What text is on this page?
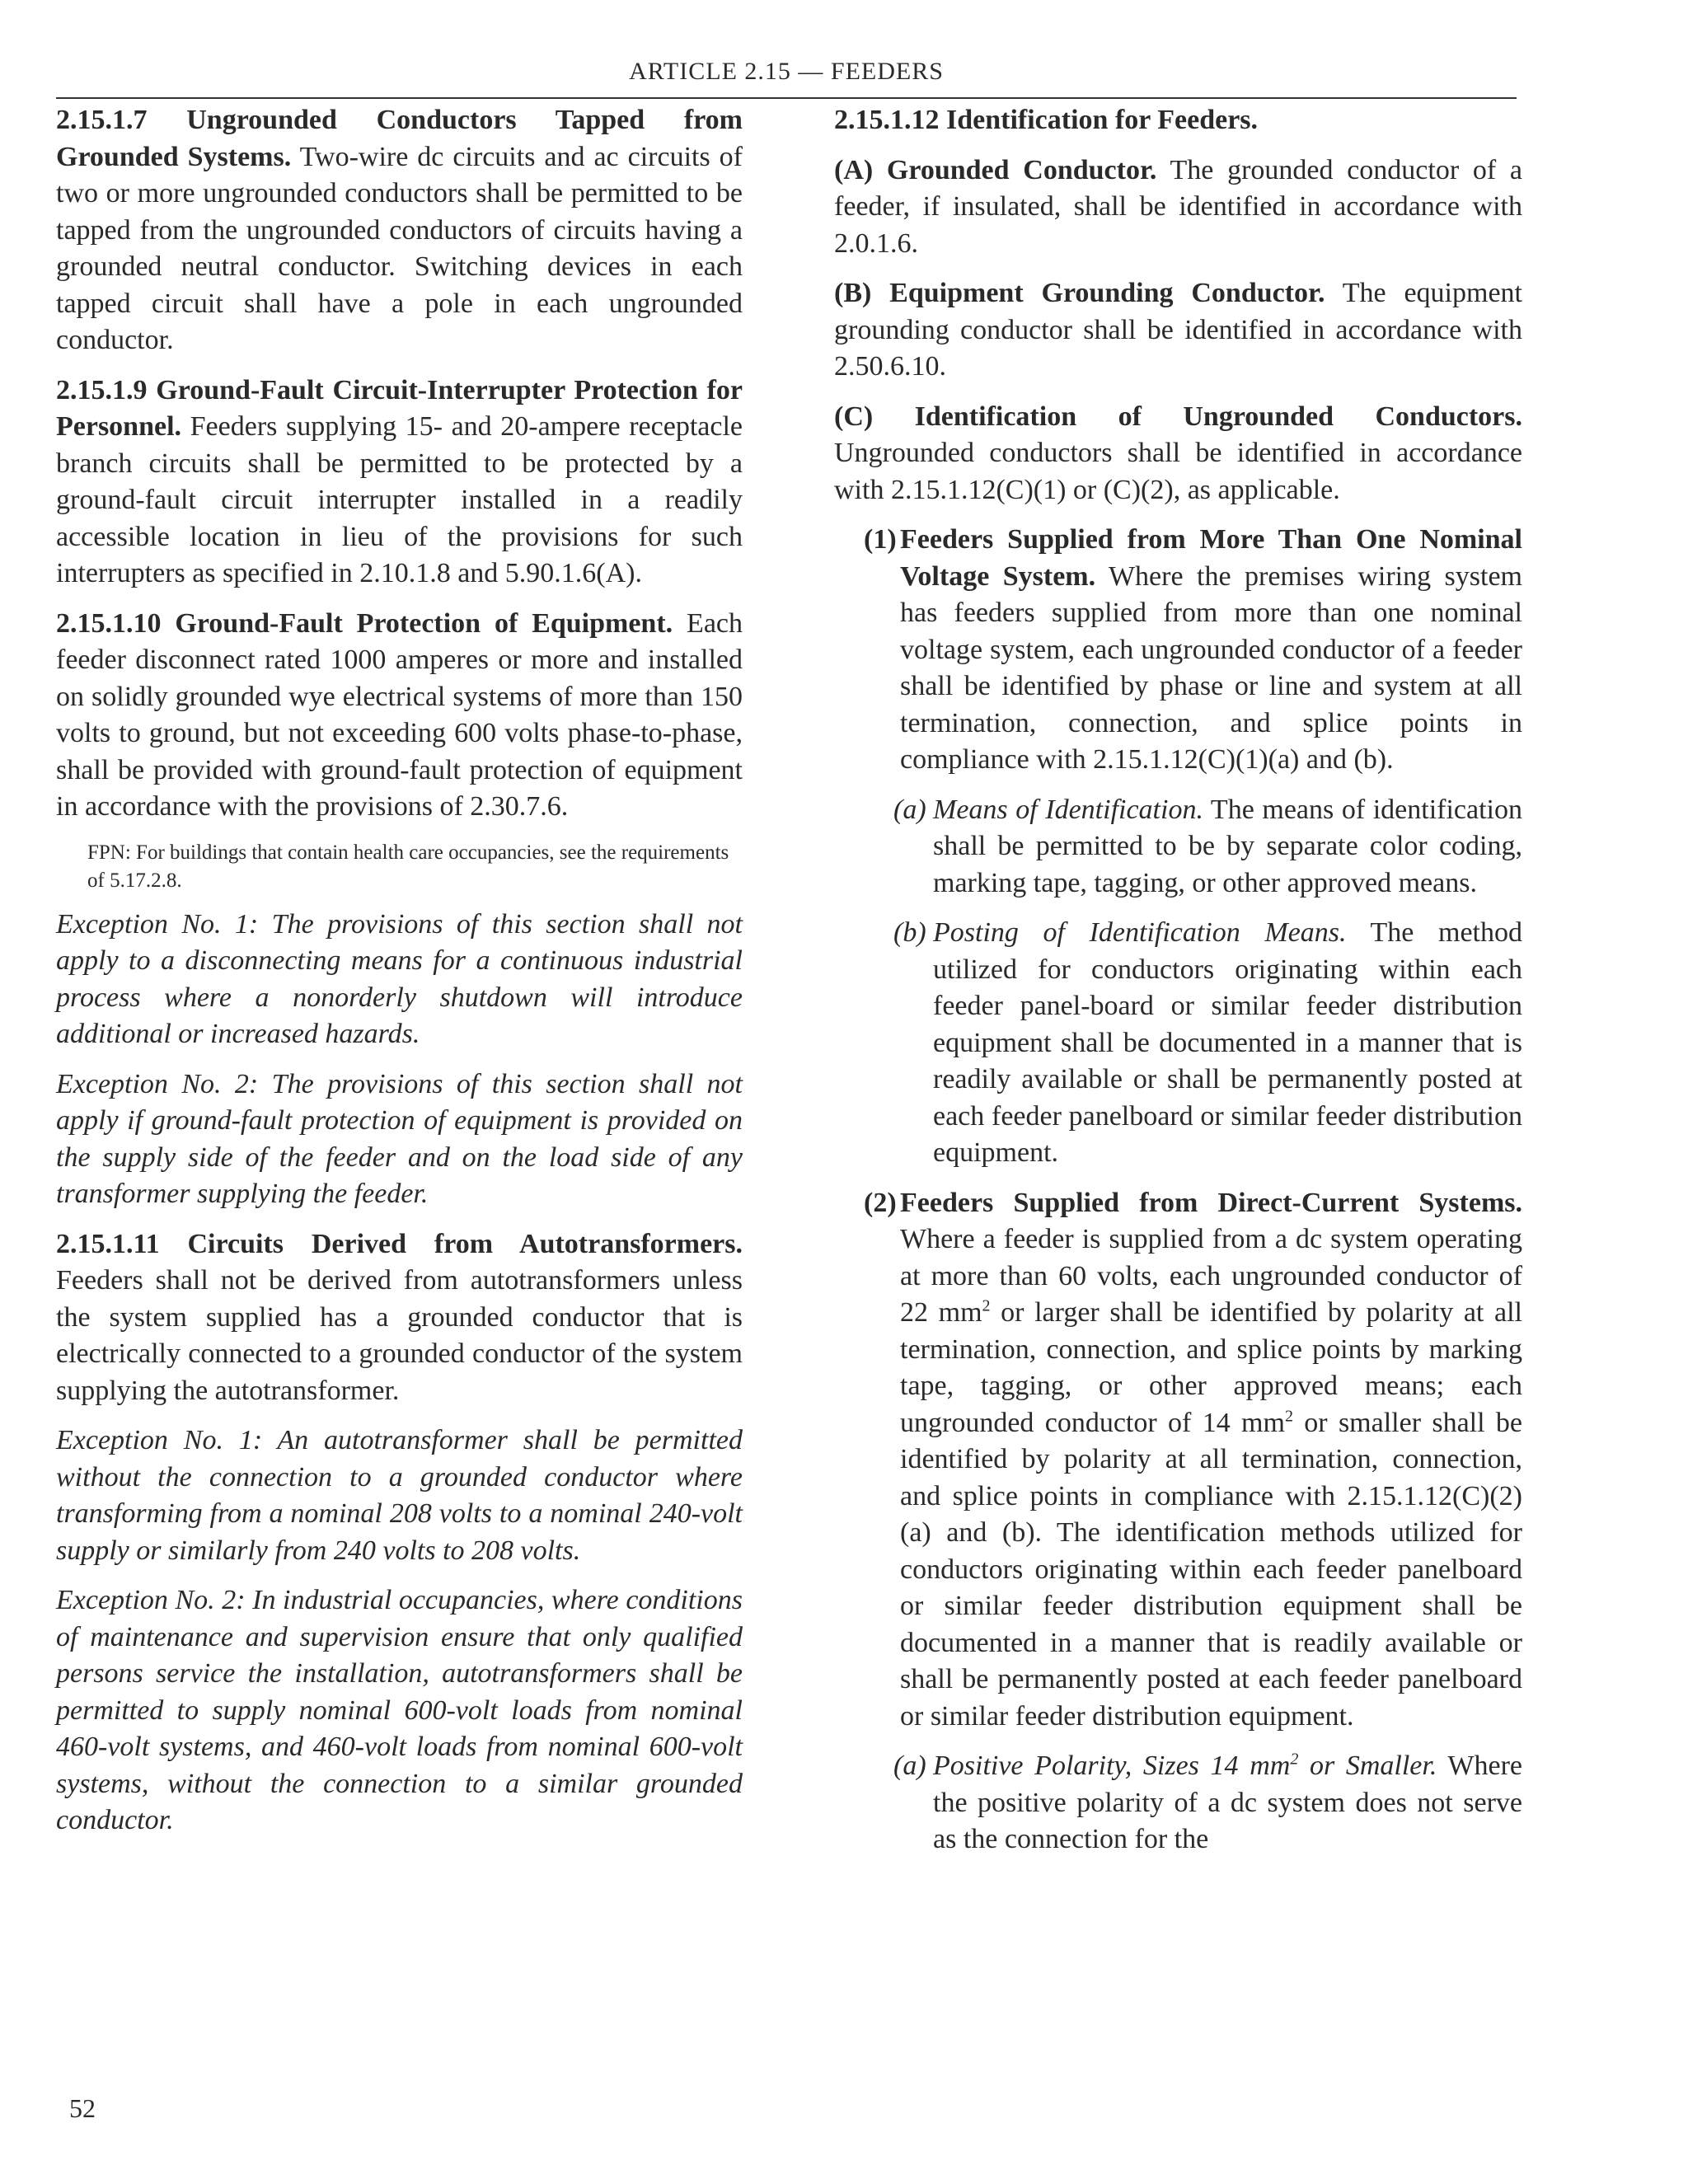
ARTICLE 2.15 — FEEDERS

2.15.1.7 Ungrounded Conductors Tapped from Grounded Systems. Two-wire dc circuits and ac circuits of two or more ungrounded conductors shall be permitted to be tapped from the ungrounded conductors of circuits having a grounded neutral conductor. Switching devices in each tapped circuit shall have a pole in each ungrounded conductor.

2.15.1.9 Ground-Fault Circuit-Interrupter Protection for Personnel. Feeders supplying 15- and 20-ampere receptacle branch circuits shall be permitted to be protected by a ground-fault circuit interrupter installed in a readily accessible location in lieu of the provisions for such interrupters as specified in 2.10.1.8 and 5.90.1.6(A).

2.15.1.10 Ground-Fault Protection of Equipment. Each feeder disconnect rated 1000 amperes or more and installed on solidly grounded wye electrical systems of more than 150 volts to ground, but not exceeding 600 volts phase-to-phase, shall be provided with ground-fault protection of equipment in accordance with the provisions of 2.30.7.6.

FPN: For buildings that contain health care occupancies, see the requirements of 5.17.2.8.

Exception No. 1: The provisions of this section shall not apply to a disconnecting means for a continuous industrial process where a nonorderly shutdown will introduce additional or increased hazards.

Exception No. 2: The provisions of this section shall not apply if ground-fault protection of equipment is provided on the supply side of the feeder and on the load side of any transformer supplying the feeder.

2.15.1.11 Circuits Derived from Autotransformers. Feeders shall not be derived from autotransformers unless the system supplied has a grounded conductor that is electrically connected to a grounded conductor of the system supplying the autotransformer.

Exception No. 1: An autotransformer shall be permitted without the connection to a grounded conductor where transforming from a nominal 208 volts to a nominal 240-volt supply or similarly from 240 volts to 208 volts.

Exception No. 2: In industrial occupancies, where conditions of maintenance and supervision ensure that only qualified persons service the installation, autotransformers shall be permitted to supply nominal 600-volt loads from nominal 460-volt systems, and 460-volt loads from nominal 600-volt systems, without the connection to a similar grounded conductor.

2.15.1.12 Identification for Feeders.

(A) Grounded Conductor. The grounded conductor of a feeder, if insulated, shall be identified in accordance with 2.0.1.6.

(B) Equipment Grounding Conductor. The equipment grounding conductor shall be identified in accordance with 2.50.6.10.

(C) Identification of Ungrounded Conductors. Ungrounded conductors shall be identified in accordance with 2.15.1.12(C)(1) or (C)(2), as applicable.

(1) Feeders Supplied from More Than One Nominal Voltage System. Where the premises wiring system has feeders supplied from more than one nominal voltage system, each ungrounded conductor of a feeder shall be identified by phase or line and system at all termination, connection, and splice points in compliance with 2.15.1.12(C)(1)(a) and (b).
(a) Means of Identification. The means of identification shall be permitted to be by separate color coding, marking tape, tagging, or other approved means.
(b) Posting of Identification Means. The method utilized for conductors originating within each feeder panel-board or similar feeder distribution equipment shall be documented in a manner that is readily available or shall be permanently posted at each feeder panelboard or similar feeder distribution equipment.
(2) Feeders Supplied from Direct-Current Systems. Where a feeder is supplied from a dc system operating at more than 60 volts, each ungrounded conductor of 22 $mm^2$ or larger shall be identified by polarity at all termination, connection, and splice points by marking tape, tagging, or other approved means; each ungrounded conductor of 14 $mm^2$ or smaller shall be identified by polarity at all termination, connection, and splice points in compliance with 2.15.1.12(C)(2)(a) and (b). The identification methods utilized for conductors originating within each feeder panelboard or similar feeder distribution equipment shall be documented in a manner that is readily available or shall be permanently posted at each feeder panelboard or similar feeder distribution equipment.
(a) Positive Polarity, Sizes 14 $mm^2$ or Smaller. Where the positive polarity of a dc system does not serve as the connection for the
52
